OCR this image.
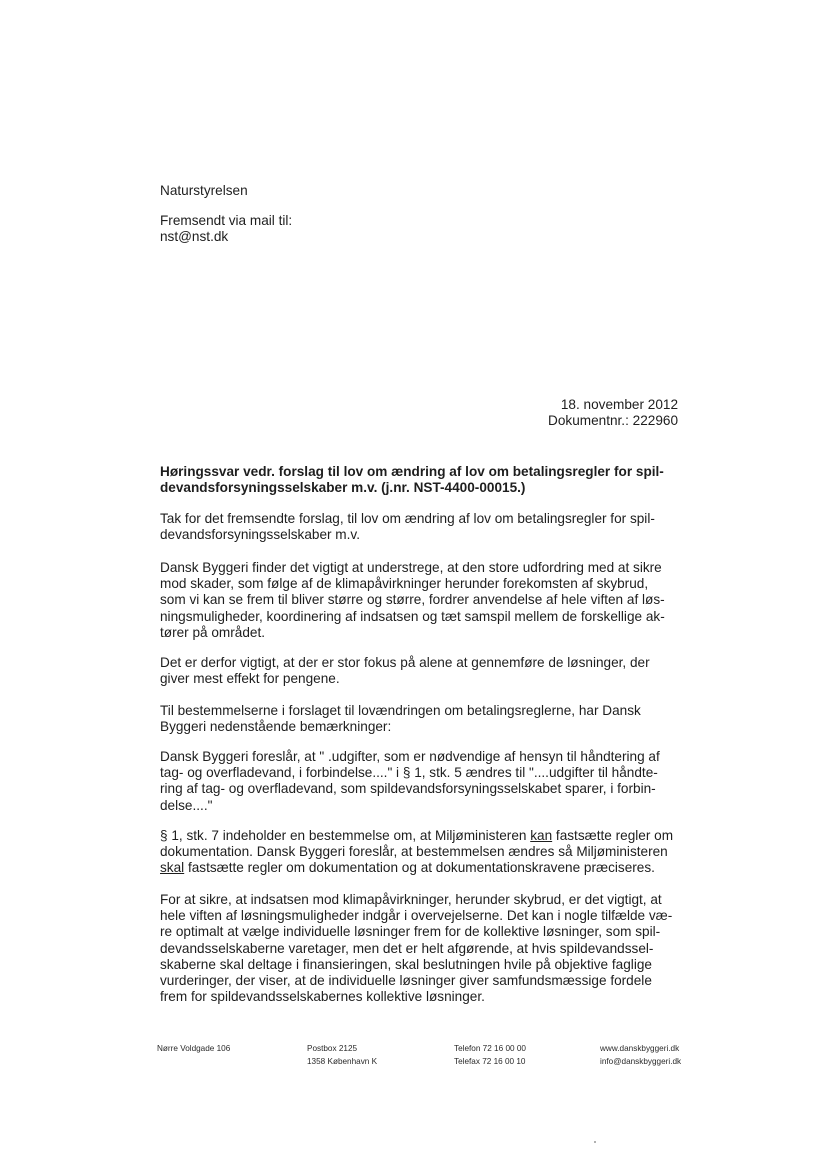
Naturstyrelsen

Fremsendt via mail til:

nst@nst.dk

18. november 2012
Dokumentnr.: 222960

Høringssvar vedr. forslag til lov om ændring af lov om betalingsregler for spil-

devandsforsyningsselskaber m.v. (j.nr. NST-4400-00015.)

Tak for det fremsendte forslag, til lov om ændring af lov om betalingsregler for spil-

devandsforsyningsselskaber m.v.

Dansk Byggeri finder det vigtigt at understrege, at den store udfordring med at sikre

mod skader, som følge af de klimapåvirkninger herunder forekomsten af skybrud,

som vi kan se frem til bliver større og større, fordrer anvendelse af hele viften af løs-

ningsmuligheder, koordinering af indsatsen og tæt samspil mellem de forskellige ak-

tører på området.

Det er derfor vigtigt, at der er stor fokus på alene at gennemføre de løsninger, der

giver mest effekt for pengene.

Til bestemmelserne i forslaget til lovændringen om betalingsreglerne, har Dansk

Byggeri nedenstående bemærkninger:

Dansk Byggeri foreslår, at " .udgifter, som er nødvendige af hensyn til håndtering af

tag- og overfladevand, i forbindelse...." i § 1, stk. 5 ændres til "....udgifter til håndte-

ring af tag- og overfladevand, som spildevandsforsyningsselskabet sparer, i forbin-

delse...."

§ 1, stk. 7 indeholder en bestemmelse om, at Miljøministeren kan fastsætte regler om

dokumentation. Dansk Byggeri foreslår, at bestemmelsen ændres så Miljøministeren

skal fastsætte regler om dokumentation og at dokumentationskravene præciseres.

For at sikre, at indsatsen mod klimapåvirkninger, herunder skybrud, er det vigtigt, at

hele viften af løsningsmuligheder indgår i overvejelserne. Det kan i nogle tilfælde væ-

re optimalt at vælge individuelle løsninger frem for de kollektive løsninger, som spil-

devandsselskaberne varetager, men det er helt afgørende, at hvis spildevandssel-

skaberne skal deltage i finansieringen, skal beslutningen hvile på objektive faglige

vurderinger, der viser, at de individuelle løsninger giver samfundsmæssige fordele

frem for spildevandsselskabernes kollektive løsninger.

Nørre Voldgade 106	Postbox 2125
1358 København K
Telefon 72 16 00 00
Telefax 72 16 00 10
www.danskbyggeri.dk
info@danskbyggeri.dk
